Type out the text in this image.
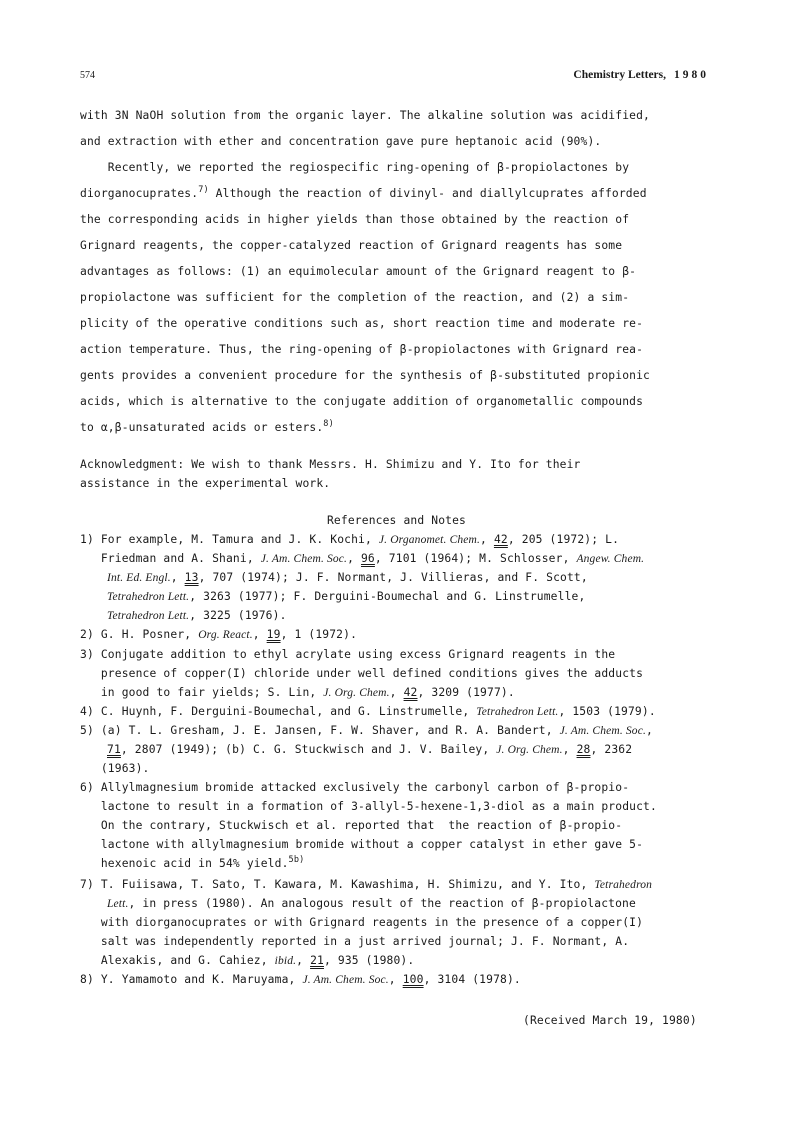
574	Chemistry Letters, 1980
with 3N NaOH solution from the organic layer. The alkaline solution was acidified,
and extraction with ether and concentration gave pure heptanoic acid (90%).
Recently, we reported the regiospecific ring-opening of β-propiolactones by
diorganocuprates.$^{7)}$ Although the reaction of divinyl- and diallylcuprates afforded
the corresponding acids in higher yields than those obtained by the reaction of
Grignard reagents, the copper-catalyzed reaction of Grignard reagents has some
advantages as follows: (1) an equimolecular amount of the Grignard reagent to β-
propiolactone was sufficient for the completion of the reaction, and (2) a sim-
plicity of the operative conditions such as, short reaction time and moderate re-
action temperature. Thus, the ring-opening of β-propiolactones with Grignard rea-
gents provides a convenient procedure for the synthesis of β-substituted propionic
acids, which is alternative to the conjugate addition of organometallic compounds
to α,β-unsaturated acids or esters.$^{8)}$
Acknowledgment: We wish to thank Messrs. H. Shimizu and Y. Ito for their
assistance in the experimental work.
References and Notes
1) For example, M. Tamura and J. K. Kochi, J. Organomet. Chem., 42, 205 (1972); L.
Friedman and A. Shani, J. Am. Chem. Soc., 96, 7101 (1964); M. Schlosser, Angew. Chem.
Int. Ed. Engl., 13, 707 (1974); J. F. Normant, J. Villieras, and F. Scott,
Tetrahedron Lett., 3263 (1977); F. Derguini-Boumechal and G. Linstrumelle,
Tetrahedron Lett., 3225 (1976).
2) G. H. Posner, Org. React., 19, 1 (1972).
3) Conjugate addition to ethyl acrylate using excess Grignard reagents in the
presence of copper(I) chloride under well defined conditions gives the adducts
in good to fair yields; S. Lin, J. Org. Chem., 42, 3209 (1977).
4) C. Huynh, F. Derguini-Boumechal, and G. Linstrumelle, Tetrahedron Lett., 1503 (1979).
5) (a) T. L. Gresham, J. E. Jansen, F. W. Shaver, and R. A. Bandert, J. Am. Chem. Soc.,
71, 2807 (1949); (b) C. G. Stuckwisch and J. V. Bailey, J. Org. Chem., 28, 2362
(1963).
6) Allylmagnesium bromide attacked exclusively the carbonyl carbon of β-propio-
lactone to result in a formation of 3-allyl-5-hexene-1,3-diol as a main product.
On the contrary, Stuckwisch et al. reported that  the reaction of β-propio-
lactone with allylmagnesium bromide without a copper catalyst in ether gave 5-
hexenoic acid in 54% yield.$^{5b)}$
7) T. Fuiisawa, T. Sato, T. Kawara, M. Kawashima, H. Shimizu, and Y. Ito, Tetrahedron
Lett., in press (1980). An analogous result of the reaction of β-propiolactone
with diorganocuprates or with Grignard reagents in the presence of a copper(I)
salt was independently reported in a just arrived journal; J. F. Normant, A.
Alexakis, and G. Cahiez, ibid., 21, 935 (1980).
8) Y. Yamamoto and K. Maruyama, J. Am. Chem. Soc., 100, 3104 (1978).
(Received March 19, 1980)
